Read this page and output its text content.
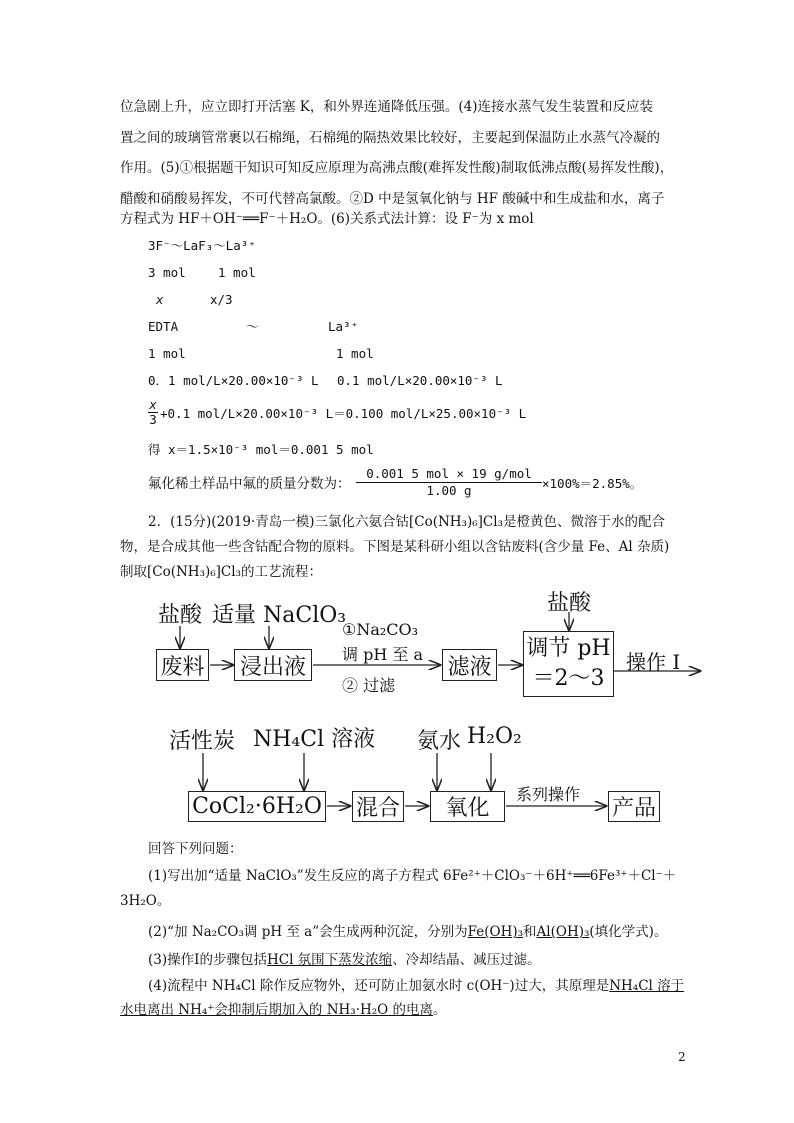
位急剧上升，应立即打开活塞 K，和外界连通降低压强。(4)连接水蒸气发生装置和反应装
置之间的玻璃管常裹以石棉绳，石棉绳的隔热效果比较好，主要起到保温防止水蒸气冷凝的
作用。(5)①根据题干知识可知反应原理为高沸点酸(难挥发性酸)制取低沸点酸(易挥发性酸)，
醋酸和硝酸易挥发，不可代替高氯酸。②D 中是氢氧化钠与 HF 酸碱中和生成盐和水，离子
方程式为 HF＋OH⁻══F⁻＋H₂O。(6)关系式法计算：设 F⁻为 x mol
3F⁻～LaF₃～La³⁺
3 mol	1 mol
x	x/3
EDTA	～	La³⁺
1 mol	1 mol
0．1 mol/L×20.00×10⁻³ L 0.1 mol/L×20.00×10⁻³ L
$\frac{x}{3} +0.1$ mol/L×20.00×10⁻³ L＝0.100 mol/L×25.00×10⁻³ L
得 x＝1.5×10⁻³ mol＝0.001 5 mol
氟化稀土样品中氟的质量分数为：
0.001 5 mol × 19 g/mol
1.00 g	×100%＝2.85%。
2．(15分)(2019·青岛一模)三氯化六氨合钴[Co(NH₃)₆]Cl₃是橙黄色、微溶于水的配合
物，是合成其他一些含钴配合物的原料。下图是某科研小组以含钴废料(含少量 Fe、Al 杂质)
制取[Co(NH₃)₆]Cl₃的工艺流程：
盐酸 适量 NaClO₃
废料 浸出液
①Na₂CO₃
调 pH 至 a
② 过滤
滤液
盐酸
调节 pH
＝2～3
操作 Ⅰ
活性炭 NH₄Cl 溶液 氨水 H₂O₂
CoCl₂·6H₂O 混合 氧化
系列操作
产品
回答下列问题：
(1)写出加“适量 NaClO₃”发生反应的离子方程式 6Fe²⁺＋ClO₃⁻＋6H⁺══6Fe³⁺＋Cl⁻＋
3H₂O。
(2)“加 Na₂CO₃调 pH 至 a”会生成两种沉淀，分别为Fe(OH)₃和Al(OH)₃(填化学式)。
(3)操作Ⅰ的步骤包括HCl 氛围下蒸发浓缩、冷却结晶、减压过滤。
(4)流程中 NH₄Cl 除作反应物外，还可防止加氨水时 c(OH⁻)过大，其原理是NH₄Cl 溶于
水电离出 NH₄⁺会抑制后期加入的 NH₃·H₂O 的电离。
2
